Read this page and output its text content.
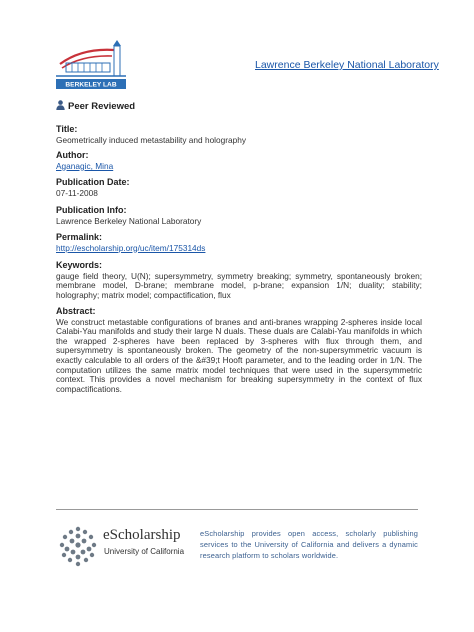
BERKELEY LAB
Lawrence Berkeley National Laboratory
Peer Reviewed
Title:
Geometrically induced metastability and holography
Author:
Aganagic, Mina
Publication Date:
07-11-2008
Publication Info:
Lawrence Berkeley National Laboratory
Permalink:
http://escholarship.org/uc/item/175314ds
Keywords:
gauge field theory, U(N); supersymmetry, symmetry breaking; symmetry, spontaneously broken; membrane model, D-brane; membrane model, p-brane; expansion 1/N; duality; stability; holography; matrix model; compactification, flux
Abstract:
We construct metastable configurations of branes and anti-branes wrapping 2-spheres inside local Calabi-Yau manifolds and study their large N duals. These duals are Calabi-Yau manifolds in which the wrapped 2-spheres have been replaced by 3-spheres with flux through them, and supersymmetry is spontaneously broken. The geometry of the non-supersymmetric vacuum is exactly calculable to all orders of the &#39;t Hooft parameter, and to the leading order in 1/N. The computation utilizes the same matrix model techniques that were used in the supersymmetric context. This provides a novel mechanism for breaking supersymmetry in the context of flux compactifications.
eScholarship
University of California
eScholarship provides open access, scholarly publishing services to the University of California and delivers a dynamic research platform to scholars worldwide.
